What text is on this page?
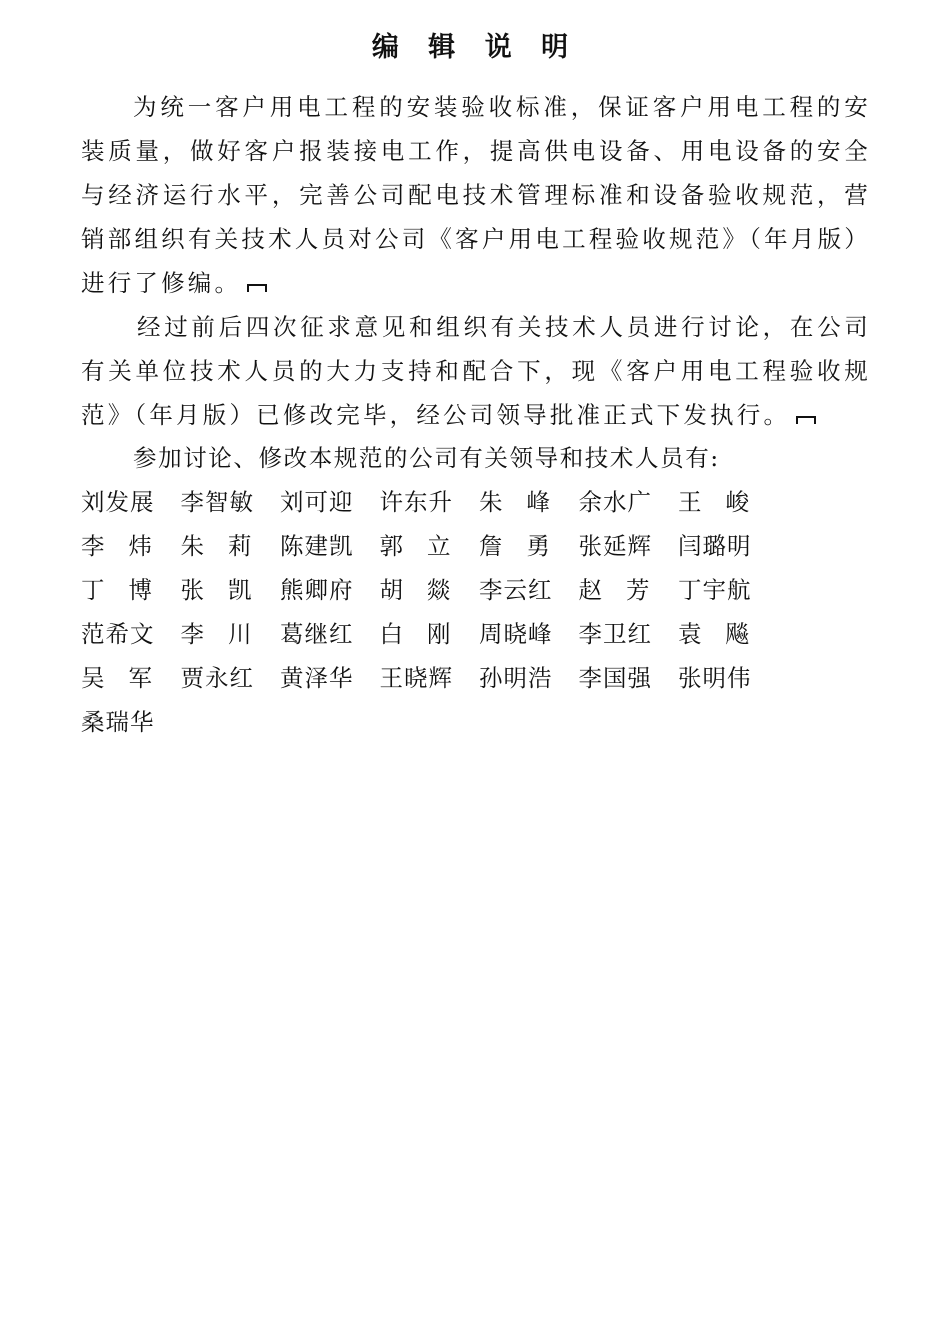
编 辑 说 明
为统一客户用电工程的安装验收标准，保证客户用电工程的安装质量，做好客户报装接电工作，提高供电设备、用电设备的安全与经济运行水平，完善公司配电技术管理标准和设备验收规范，营销部组织有关技术人员对公司《客户用电工程验收规范》（年月版）进行了修编。
经过前后四次征求意见和组织有关技术人员进行讨论，在公司有关单位技术人员的大力支持和配合下，现《客户用电工程验收规范》（年月版）已修改完毕，经公司领导批准正式下发执行。
参加讨论、修改本规范的公司有关领导和技术人员有:
刘发展 李智敏 刘可迎 许东升 朱峰 余水广 王峻
李炜 朱莉 陈建凯 郭立 詹勇 张延辉 闫璐明
丁博 张凯 熊卿府 胡燚 李云红 赵芳 丁宇航
范希文 李川 葛继红 白刚 周晓峰 李卫红 袁飚
吴军 贾永红 黄泽华 王晓辉 孙明浩 李国强 张明伟
桑瑞华
